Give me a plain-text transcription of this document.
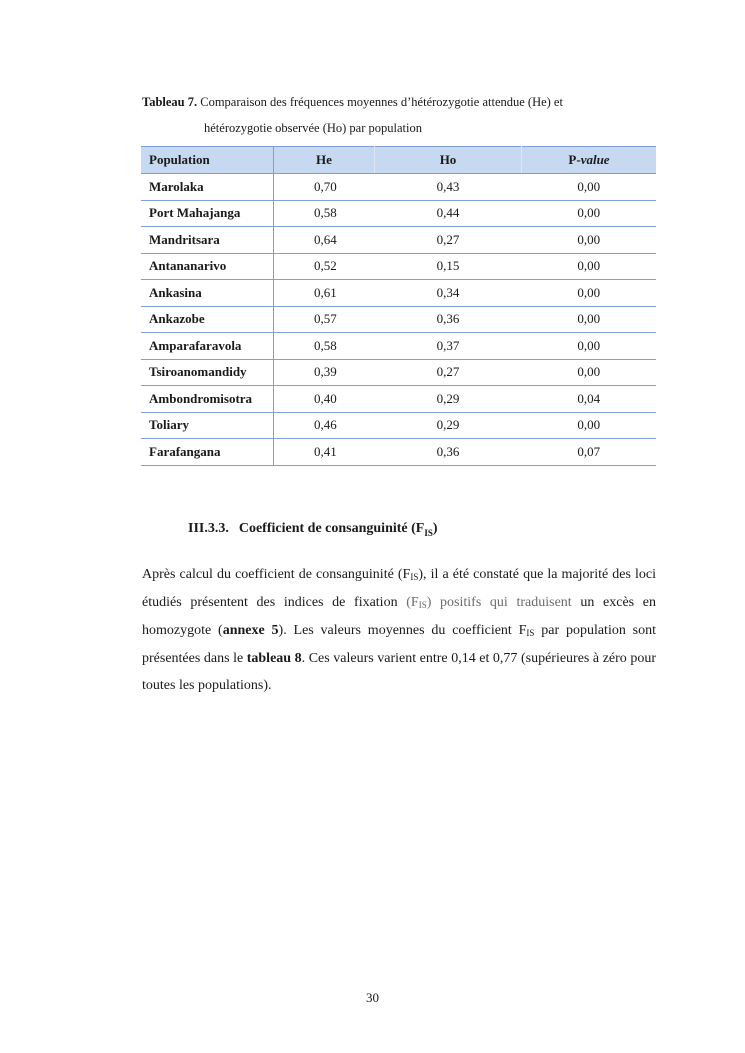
Tableau 7. Comparaison des fréquences moyennes d’hétérozygotie attendue (He) et
hétérozygotie observée (Ho) par population
Population	He	Ho	P-value
Marolaka	0,70	0,43	0,00
Port Mahajanga	0,58	0,44	0,00
Mandritsara	0,64	0,27	0,00
Antananarivo	0,52	0,15	0,00
Ankasina	0,61	0,34	0,00
Ankazobe	0,57	0,36	0,00
Amparafaravola	0,58	0,37	0,00
Tsiroanomandidy	0,39	0,27	0,00
Ambondromisotra	0,40	0,29	0,04
Toliary	0,46	0,29	0,00
Farafangana	0,41	0,36	0,07
III.3.3. Coefficient de consanguinité $(F_{IS})$
Après calcul du coefficient de consanguinité $(F_{IS})$, il a été constaté que la majorité des loci étudiés présentent des indices de fixation $(F_{IS})$ positifs qui traduisent un excès en homozygote (annexe 5). Les valeurs moyennes du coefficient $F_{IS}$ par population sont présentées dans le tableau 8. Ces valeurs varient entre 0,14 et 0,77 (supérieures à zéro pour toutes les populations).
30
